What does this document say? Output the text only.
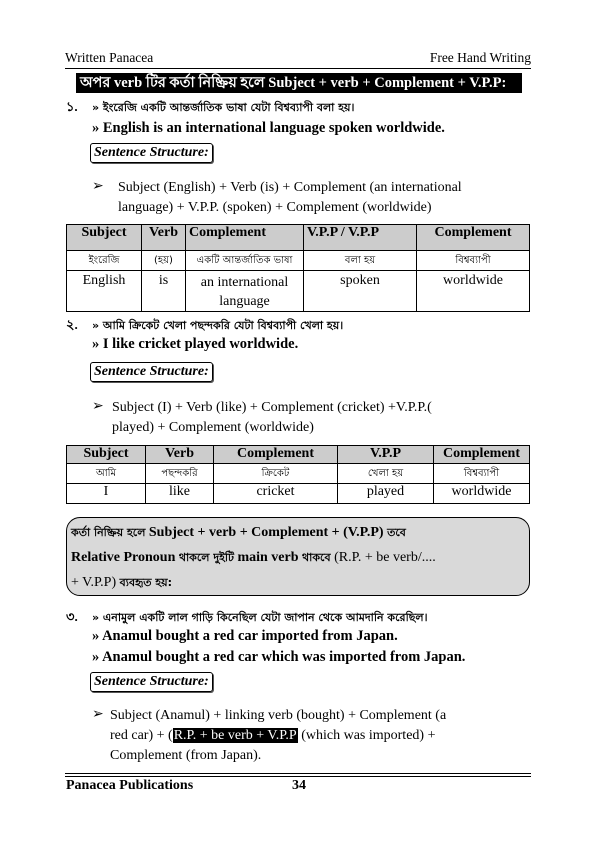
Written Panacea	Free Hand Writing
অপর verb টির কর্তা নিষ্ক্রিয় হলে Subject + verb + Complement + V.P.P:
১. » ইংরেজি একটি আন্তর্জাতিক ভাষা যেটা বিশ্বব্যাপী বলা হয়।
» English is an international language spoken worldwide.
Sentence Structure:
➢ Subject (English) + Verb (is) + Complement (an international
language) + V.P.P. (spoken) + Complement (worldwide)
Subject	Verb	Complement	V.P.P / V.P.P	Complement
ইংরেজি	(হয়)	একটি আন্তর্জাতিক ভাষা	বলা হয়	বিশ্বব্যাপী
English	is	an international language	spoken	worldwide
২. » আমি ক্রিকেট খেলা পছন্দকরি যেটা বিশ্বব্যাপী খেলা হয়।
» I like cricket played worldwide.
Sentence Structure:
➢ Subject (I) + Verb (like) + Complement (cricket) +V.P.P.(
played) + Complement (worldwide)
Subject	Verb	Complement	V.P.P	Complement
আমি	পছন্দকরি	ক্রিকেট	খেলা হয়	বিশ্বব্যাপী
I	like	cricket	played	worldwide
কর্তা নিষ্ক্রিয় হলে Subject + verb + Complement + (V.P.P) তবে
Relative Pronoun থাকলে দুইটি main verb থাকবে (R.P. + be verb/....
+ V.P.P) ব্যবহৃত হয়:
৩. » এনামুল একটি লাল গাড়ি কিনেছিল যেটা জাপান থেকে আমদানি করেছিল।
» Anamul bought a red car imported from Japan.
» Anamul bought a red car which was imported from Japan.
Sentence Structure:
➢ Subject (Anamul) + linking verb (bought) + Complement (a
red car) + (R.P. + be verb + V.P.P (which was imported) +
Complement (from Japan).
Panacea Publications	34
